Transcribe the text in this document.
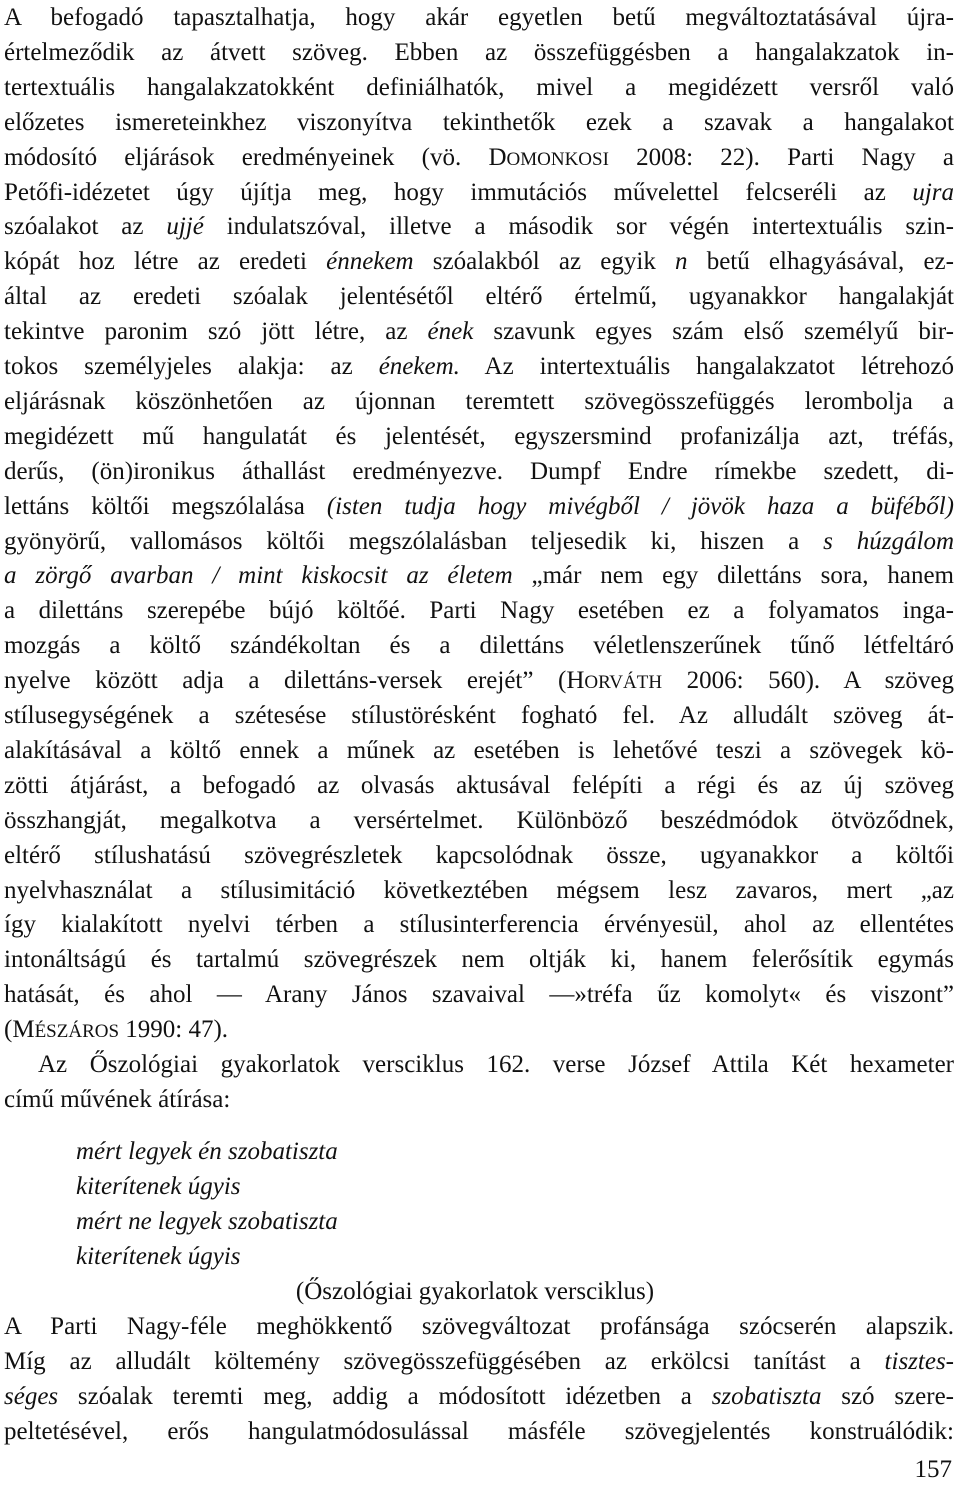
A befogadó tapasztalhatja, hogy akár egyetlen betű megváltoztatásával újra-
értelmeződik az átvett szöveg. Ebben az összefüggésben a hangalakzatok in-
tertextuális hangalakzatokként definiálhatók, mivel a megidézett versről való
előzetes ismereteinkhez viszonyítva tekinthetők ezek a szavak a hangalakot
módosító eljárások eredményeinek (vö. DOMONKOSI 2008: 22). Parti Nagy a
Petőfi-idézetet úgy újítja meg, hogy immutációs művelettel felcseréli az ujra
szóalakot az ujjé indulatszóval, illetve a második sor végén intertextuális szin-
kópát hoz létre az eredeti énnekem szóalakból az egyik n betű elhagyásával, ez-
által az eredeti szóalak jelentésétől eltérő értelmű, ugyanakkor hangalakját
tekintve paronim szó jött létre, az ének szavunk egyes szám első személyű bir-
tokos személyjeles alakja: az énekem. Az intertextuális hangalakzatot létrehozó
eljárásnak köszönhetően az újonnan teremtett szövegösszefüggés lerombolja a
megidézett mű hangulatát és jelentését, egyszersmind profanizálja azt, tréfás,
derűs, (ön)ironikus áthallást eredményezve. Dumpf Endre rímekbe szedett, di-
lettáns költői megszólalása (isten tudja hogy mivégből / jövök haza a büféből)
gyönyörű, vallomásos költői megszólalásban teljesedik ki, hiszen a s húzgálom
a zörgő avarban / mint kiskocsit az életem „már nem egy dilettáns sora, hanem
a dilettáns szerepébe bújó költőé. Parti Nagy esetében ez a folyamatos inga-
mozgás a költő szándékoltan és a dilettáns véletlenszerűnek tűnő létfeltáró
nyelve között adja a dilettáns-versek erejét” (HORVÁTH 2006: 560). A szöveg
stílusegységének a szétesése stílustörésként fogható fel. Az alludált szöveg át-
alakításával a költő ennek a műnek az esetében is lehetővé teszi a szövegek kö-
zötti átjárást, a befogadó az olvasás aktusával felépíti a régi és az új szöveg
összhangját, megalkotva a versértelmet. Különböző beszédmódok ötvöződnek,
eltérő stílushatású szövegrészletek kapcsolódnak össze, ugyanakkor a költői
nyelvhasználat a stílusimitáció következtében mégsem lesz zavaros, mert „az
így kialakított nyelvi térben a stílusinterferencia érvényesül, ahol az ellentétes
intonáltságú és tartalmú szövegrészek nem oltják ki, hanem felerősítik egymás
hatását, és ahol — Arany János szavaival —»tréfa űz komolyt« és viszont”
(MÉSZÁROS 1990: 47).
Az Őszológiai gyakorlatok versciklus 162. verse József Attila Két hexameter
című művének átírása:
mért legyek én szobatiszta
kiterítenek úgyis
mért ne legyek szobatiszta
kiterítenek úgyis
(Őszológiai gyakorlatok versciklus)
A Parti Nagy-féle meghökkentő szövegváltozat profánsága szócserén alapszik.
Míg az alludált költemény szövegösszefüggésében az erkölcsi tanítást a tisztes-
séges szóalak teremti meg, addig a módosított idézetben a szobatiszta szó szere-
peltetésével, erős hangulatmódosulással másféle szövegjelentés konstruálódik:
157
